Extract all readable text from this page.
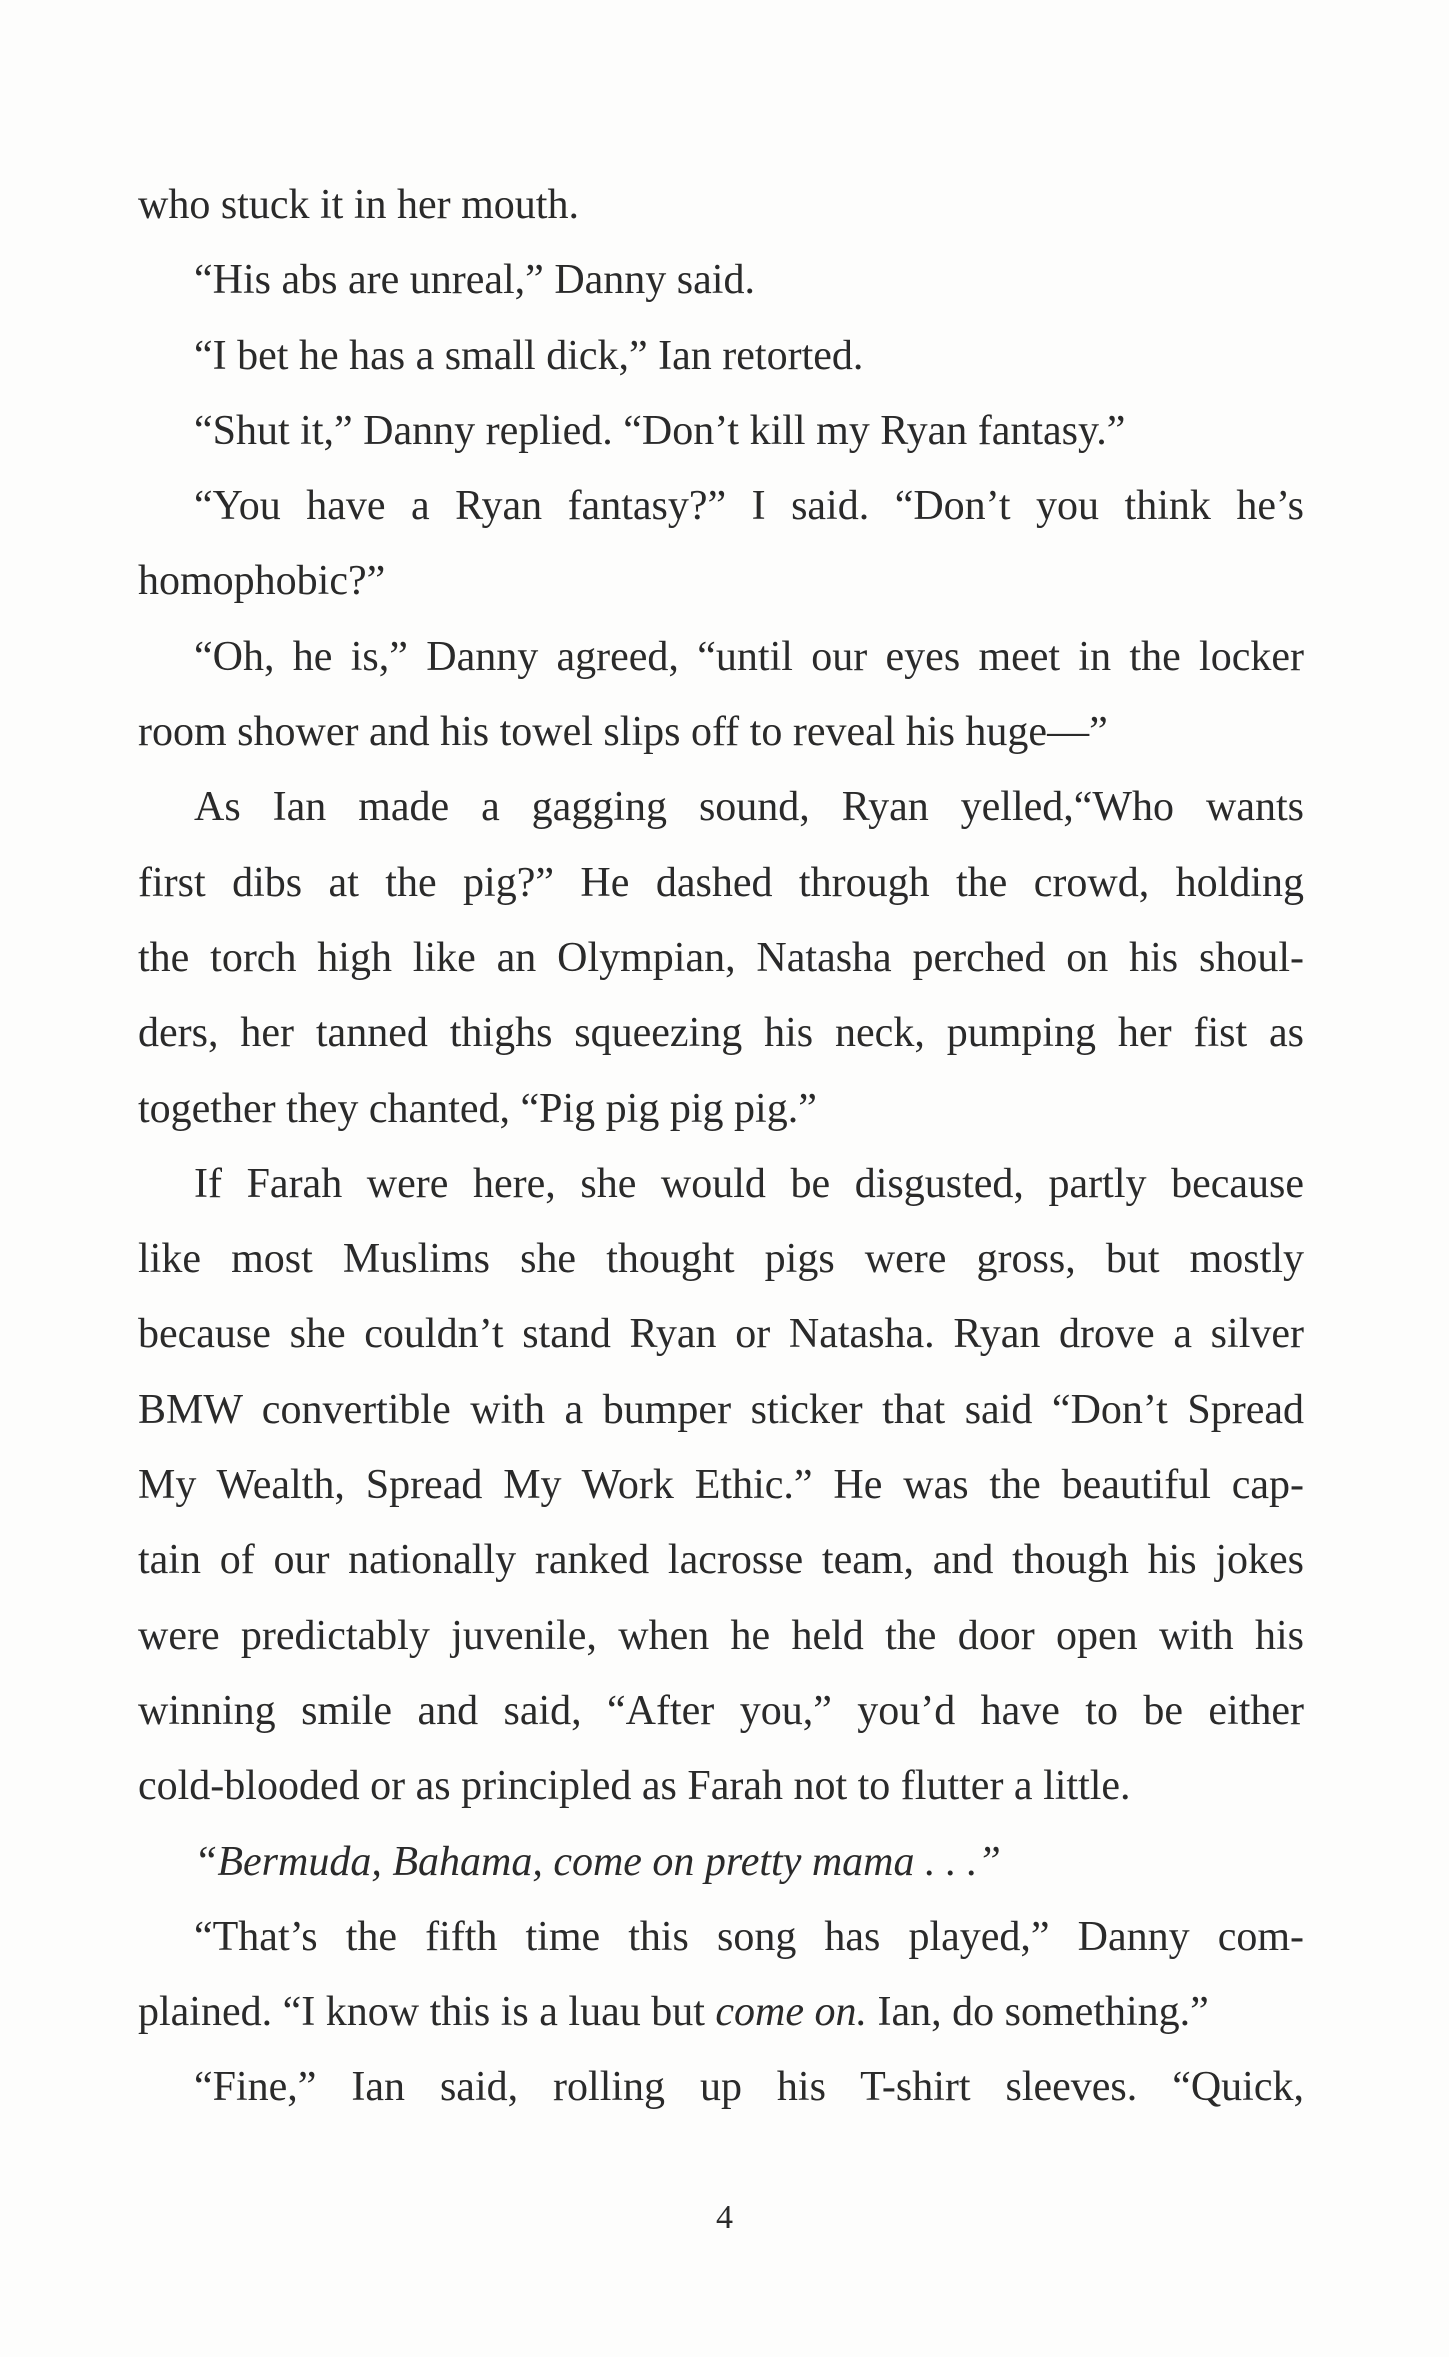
who stuck it in her mouth.
“His abs are unreal,” Danny said.
“I bet he has a small dick,” Ian retorted.
“Shut it,” Danny replied. “Don’t kill my Ryan fantasy.”
“You have a Ryan fantasy?” I said. “Don’t you think he’s
homophobic?”
“Oh, he is,” Danny agreed, “until our eyes meet in the locker
room shower and his towel slips off to reveal his huge—”
As Ian made a gagging sound, Ryan yelled,“Who wants
first dibs at the pig?” He dashed through the crowd, holding
the torch high like an Olympian, Natasha perched on his shoul-
ders, her tanned thighs squeezing his neck, pumping her fist as
together they chanted, “Pig pig pig pig.”
If Farah were here, she would be disgusted, partly because
like most Muslims she thought pigs were gross, but mostly
because she couldn’t stand Ryan or Natasha. Ryan drove a silver
BMW convertible with a bumper sticker that said “Don’t Spread
My Wealth, Spread My Work Ethic.” He was the beautiful cap-
tain of our nationally ranked lacrosse team, and though his jokes
were predictably juvenile, when he held the door open with his
winning smile and said, “After you,” you’d have to be either
cold-blooded or as principled as Farah not to flutter a little.
“Bermuda, Bahama, come on pretty mama . . .”
“That’s the fifth time this song has played,” Danny com-
plained. “I know this is a luau but come on. Ian, do something.”
“Fine,” Ian said, rolling up his T-shirt sleeves. “Quick,
4
